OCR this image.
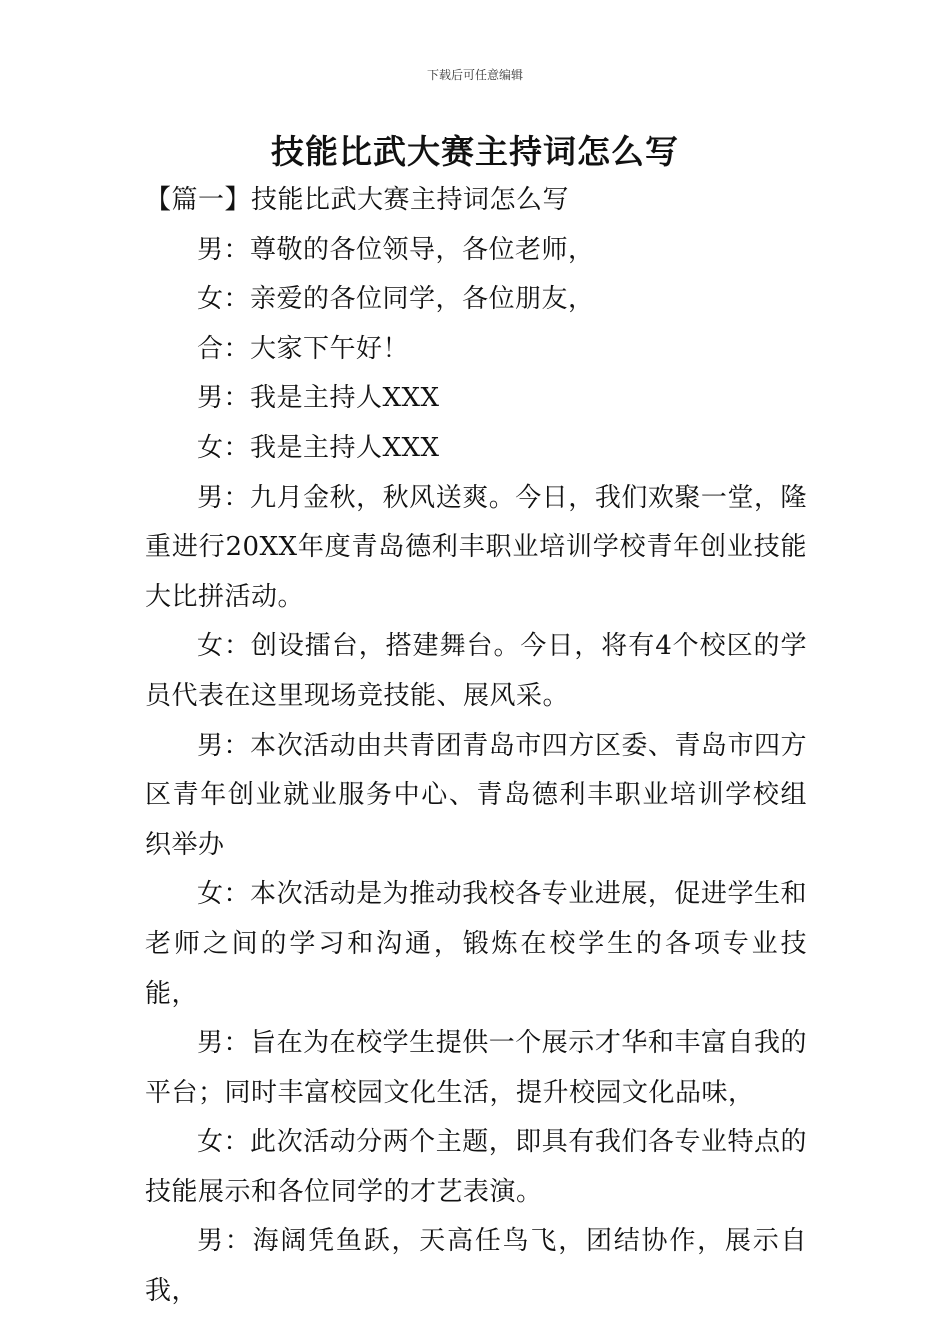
下载后可任意编辑
技能比武大赛主持词怎么写

【篇一】技能比武大赛主持词怎么写

男：尊敬的各位领导，各位老师，

女：亲爱的各位同学，各位朋友，

合：大家下午好！

男：我是主持人XXX

女：我是主持人XXX

男：九月金秋，秋风送爽。今日，我们欢聚一堂，隆重进行20XX年度青岛德利丰职业培训学校青年创业技能大比拼活动。

女：创设擂台，搭建舞台。今日，将有4个校区的学员代表在这里现场竞技能、展风采。

男：本次活动由共青团青岛市四方区委、青岛市四方区青年创业就业服务中心、青岛德利丰职业培训学校组织举办

女：本次活动是为推动我校各专业进展，促进学生和老师之间的学习和沟通，锻炼在校学生的各项专业技能，

男：旨在为在校学生提供一个展示才华和丰富自我的平台；同时丰富校园文化生活，提升校园文化品味，

女：此次活动分两个主题，即具有我们各专业特点的技能展示和各位同学的才艺表演。

男：海阔凭鱼跃，天高任鸟飞，团结协作，展示自我，
